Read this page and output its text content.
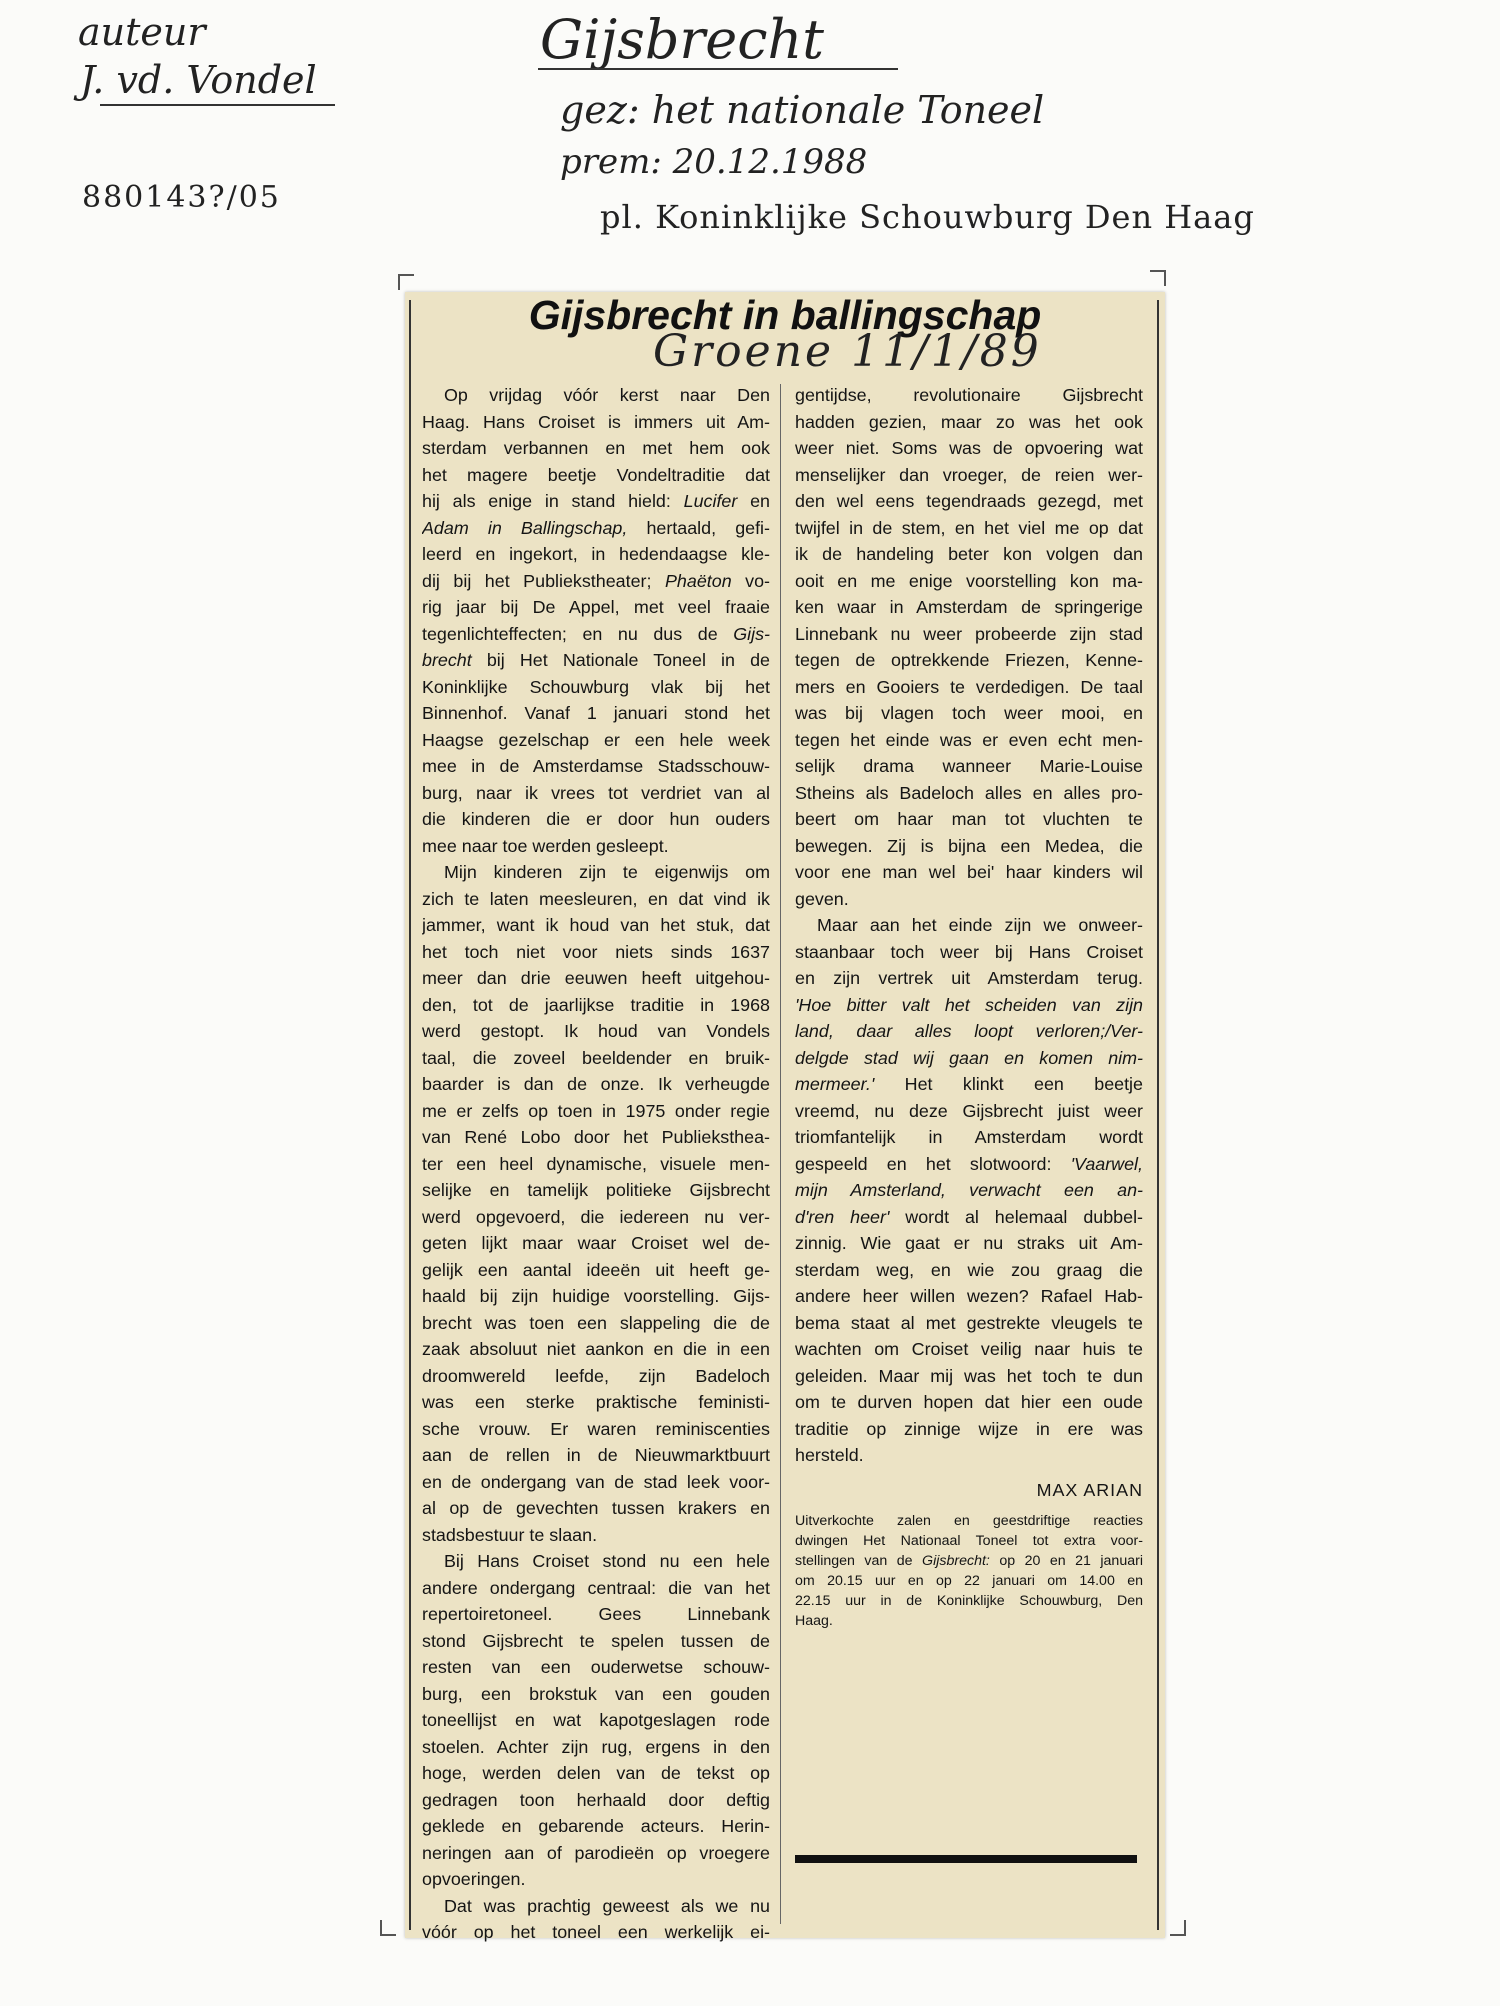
auteur
J. vd. Vondel
880143?/05
Gijsbrecht
gez: het nationale Toneel
prem: 20.12.1988
pl. Koninklijke Schouwburg Den Haag
Gijsbrecht in ballingschap
Groene 11/1/89
Op vrijdag vóór kerst naar Den
Haag. Hans Croiset is immers uit Am-
sterdam verbannen en met hem ook
het magere beetje Vondeltraditie dat
hij als enige in stand hield: Lucifer en
Adam in Ballingschap, hertaald, gefi-
leerd en ingekort, in hedendaagse kle-
dij bij het Publiekstheater; Phaëton vo-
rig jaar bij De Appel, met veel fraaie
tegenlichteffecten; en nu dus de Gijs-
brecht bij Het Nationale Toneel in de
Koninklijke Schouwburg vlak bij het
Binnenhof. Vanaf 1 januari stond het
Haagse gezelschap er een hele week
mee in de Amsterdamse Stadsschouw-
burg, naar ik vrees tot verdriet van al
die kinderen die er door hun ouders
mee naar toe werden gesleept.
Mijn kinderen zijn te eigenwijs om
zich te laten meesleuren, en dat vind ik
jammer, want ik houd van het stuk, dat
het toch niet voor niets sinds 1637
meer dan drie eeuwen heeft uitgehou-
den, tot de jaarlijkse traditie in 1968
werd gestopt. Ik houd van Vondels
taal, die zoveel beeldender en bruik-
baarder is dan de onze. Ik verheugde
me er zelfs op toen in 1975 onder regie
van René Lobo door het Publiekstheа-
ter een heel dynamische, visuele men-
selijke en tamelijk politieke Gijsbrecht
werd opgevoerd, die iedereen nu ver-
geten lijkt maar waar Croiset wel de-
gelijk een aantal ideeën uit heeft ge-
haald bij zijn huidige voorstelling. Gijs-
brecht was toen een slappeling die de
zaak absoluut niet aankon en die in een
droomwereld leefde, zijn Badeloch
was een sterke praktische feministi-
sche vrouw. Er waren reminiscenties
aan de rellen in de Nieuwmarktbuurt
en de ondergang van de stad leek voor-
al op de gevechten tussen krakers en
stadsbestuur te slaan.
Bij Hans Croiset stond nu een hele
andere ondergang centraal: die van het
repertoiretoneel. Gees Linnebank
stond Gijsbrecht te spelen tussen de
resten van een ouderwetse schouw-
burg, een brokstuk van een gouden
toneellijst en wat kapotgeslagen rode
stoelen. Achter zijn rug, ergens in den
hoge, werden delen van de tekst op
gedragen toon herhaald door deftig
geklede en gebarende acteurs. Herin-
neringen aan of parodieën op vroegere
opvoeringen.
Dat was prachtig geweest als we nu
vóór op het toneel een werkelijk ei-
gentijdse, revolutionaire Gijsbrecht
hadden gezien, maar zo was het ook
weer niet. Soms was de opvoering wat
menselijker dan vroeger, de reien wer-
den wel eens tegendraads gezegd, met
twijfel in de stem, en het viel me op dat
ik de handeling beter kon volgen dan
ooit en me enige voorstelling kon ma-
ken waar in Amsterdam de springerige
Linnebank nu weer probeerde zijn stad
tegen de optrekkende Friezen, Kenne-
mers en Gooiers te verdedigen. De taal
was bij vlagen toch weer mooi, en
tegen het einde was er even echt men-
selijk drama wanneer Marie-Louise
Stheins als Badeloch alles en alles pro-
beert om haar man tot vluchten te
bewegen. Zij is bijna een Medea, die
voor ene man wel bei' haar kinders wil
geven.
Maar aan het einde zijn we onweer-
staanbaar toch weer bij Hans Croiset
en zijn vertrek uit Amsterdam terug.
'Hoe bitter valt het scheiden van zijn
land, daar alles loopt verloren;/Ver-
delgde stad wij gaan en komen nim-
mermeer.' Het klinkt een beetje
vreemd, nu deze Gijsbrecht juist weer
triomfantelijk in Amsterdam wordt
gespeeld en het slotwoord: 'Vaarwel,
mijn Amsterland, verwacht een an-
d'ren heer' wordt al helemaal dubbel-
zinnig. Wie gaat er nu straks uit Am-
sterdam weg, en wie zou graag die
andere heer willen wezen? Rafael Hab-
bema staat al met gestrekte vleugels te
wachten om Croiset veilig naar huis te
geleiden. Maar mij was het toch te dun
om te durven hopen dat hier een oude
traditie op zinnige wijze in ere was
hersteld.
MAX ARIAN
Uitverkochte zalen en geestdriftige reacties
dwingen Het Nationaal Toneel tot extra voor-
stellingen van de Gijsbrecht: op 20 en 21 januari
om 20.15 uur en op 22 januari om 14.00 en
22.15 uur in de Koninklijke Schouwburg, Den
Haag.
